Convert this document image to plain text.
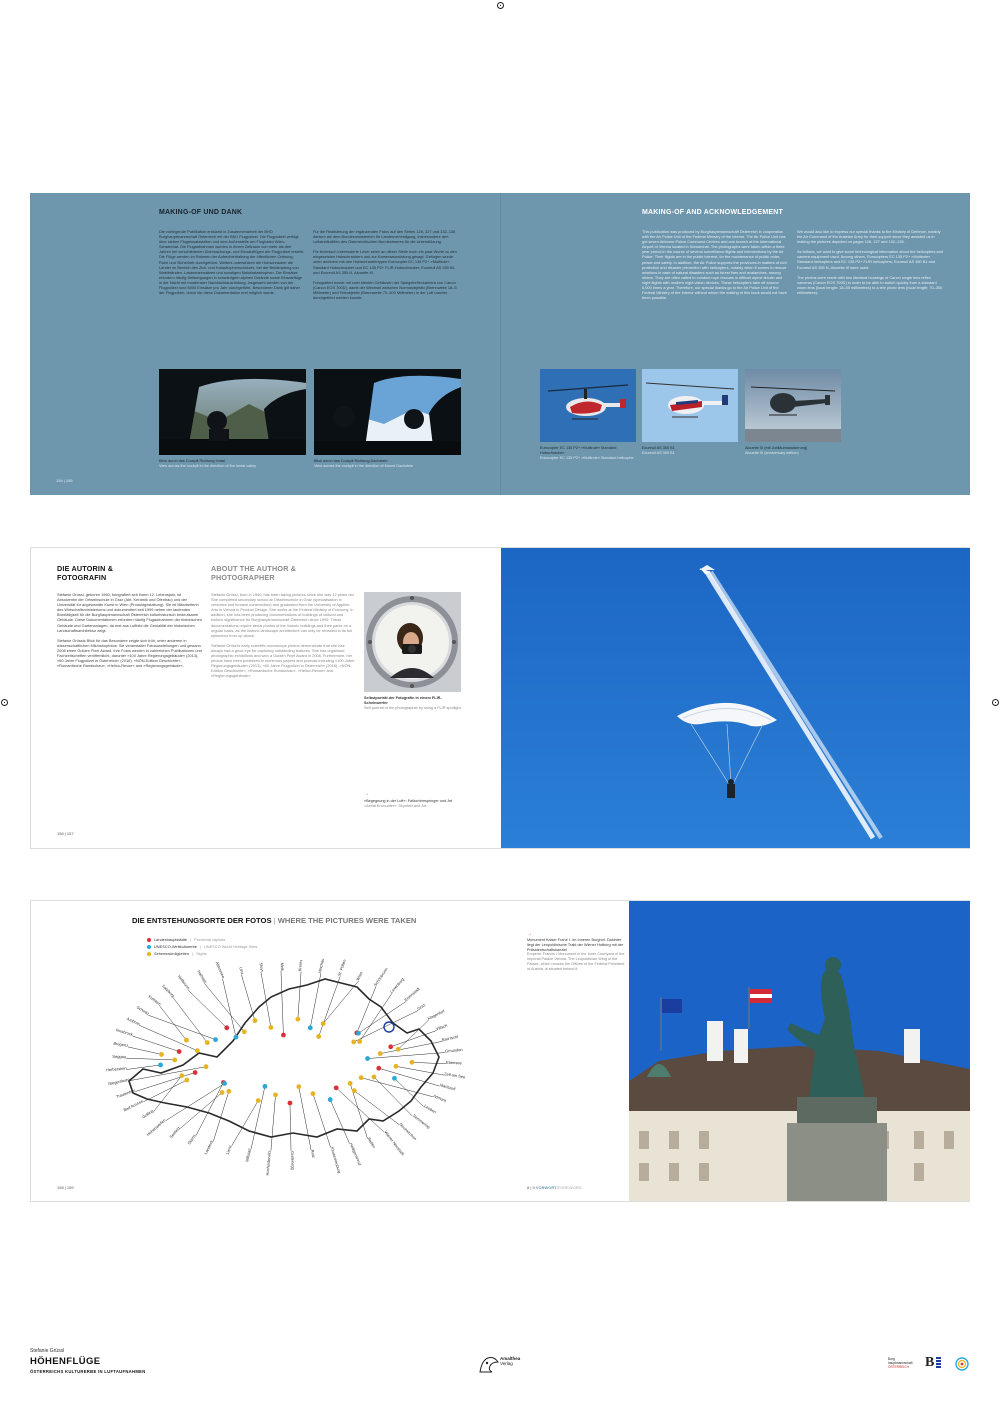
MAKING-OF UND DANK

Die vorliegende Publikation entstand in Zusammenarbeit der BHÖ Burghauptmannschaft Österreich mit der BM.I Flugpolizei. Die Flugpolizei verfügt über sieben Flugeinsatzstellen und eine Außenstelle am Flughafen Wien-Schwechat. Die Flugaufnahmen wurden in einem Zeitraum von mehr als drei Jahren bei verschiedenen Überwachungs- und Einsatzflügen der Flugpolizei erstellt. Die Flüge werden im Rahmen der Aufrechterhaltung der öffentlichen Ordnung, Ruhe und Sicherheit durchgeführt. Weiters unterstützen die Hubschrauber die Länder im Bereich des Zivil- und Katastrophenschutzes, bei der Bekämpfung von Waldbränden, Lawineneinsätzen und sonstigen Naturkatastrophen. Die Einsätze erfordern häufig Seilbergungen in schwierigem alpinen Gelände sowie Einsatzflüge in der Nacht mit modernster Nachtsichtausrüstung. Insgesamt werden von der Flugpolizei rund 5000 Einsätze pro Jahr durchgeführt. Besonderer Dank gilt daher der Flugpolizei, durch die diese Dokumentation erst möglich wurde.

Für die Realisierung der ergänzenden Fotos auf den Seiten 126, 127 und 132–135 danken wir dem Bundesministerium für Landesverteidigung, insbesondere den Luftstreitkräften des Österreichischen Bundesheeres für die Unterstützung.

Für technisch Interessierte Leser seien an dieser Stelle noch ein paar Worte zu den eingesetzten Hubschraubern und zur Kameraausrüstung gesagt. Geflogen wurde unter anderem mit den Hubschraubertypen Eurocopter EC 135 P2+ »Multirole« Standard Hubschrauber und EC 135 P2+ FLIR-Hubschrauber, Ecureuil AS 350 B1 und Ecureuil AS 355 N, Alouette III.

Fotografiert wurde mit zwei identen Gehäusen der Spiegelreflexkamera von Canon (Canon EOS 700D), damit der Wechsel zwischen Normalobjektiv (Brennweite 18–5 Millimeter) und Teleobjektiv (Brennweite 70–300 Millimeter) in der Luft rascher durchgeführt werden konnte.

MAKING-OF AND ACKNOWLEDGEMENT

This publication was produced by Burghauptmannschaft Österreich in cooperation with the Air Police Unit of the Federal Ministry of the Interior. The Air Police Unit has got seven Airborne Police Command Centres and one branch at the International Airport of Vienna located in Schwechat. The photographs were taken within a three year period in the course of several surveillance flights and interventions by the Air Police. Their flights are in the public interest, for the maintenance of public order, peace and safety. In addition, the Air Police supports the provinces in matters of civil protection and disaster prevention with helicopters, notably when it comes to rescue missions in case of natural disasters such as forest fires and avalanches, among others. They are often called to conduct rope rescues in difficult alpine terrain and night flights with modern night vision devices. These helicopters take off around 5,000 times a year. Therefore, our special thanks go to the Air Police Unit of the Federal Ministry of the Interior without whom the making of this book would not have been possible.

We would also like to express our special thanks to the Ministry of Defence, notably the Air Command of the Austrian Army for their support since they assisted us in making the pictures depicted on pages 126, 127 and 132–135.

As follows, we want to give some technological information about the helicopters and camera equipment used. Among others, Eurocopters EC 135 P2+ »Multirole« Standard helicopters and EC 135 P2+ FLIR helicopters, Ecureuil AS 350 B1 and Ecureuil AS 355 N, Alouette III were used.

The photos were made with two identical housings of Canon single lens reflex cameras (Canon EOS 700D) in order to be able to switch quickly from a standard zoom lens (focal length: 18–55 millimetres) to a tele photo lens (focal length: 70–300 millimetres).

Blick durch das Cockpit Richtung Inntal
View across the cockpit in the direction of the Inntal valley
Blick durch das Cockpit Richtung Dachstein
View across the cockpit in the direction of Mount Dachstein
Eurocopter EC 135 P2+ »Multirole« Standard Hubschrauber
Eurocopter EC 135 P2+ »Multirole« Standard helicopter
Ecureuil AS 350 B1
Ecureuil AS 350 B1
Alouette III (mit Jubiläumslackierung)
Alouette III (anniversary edition)
154 | 155
DIE AUTORIN &
FOTOGRAFIN
ABOUT THE AUTHOR &
PHOTOGRAPHER

Stefanie Grüssl, geboren 1960, fotografiert seit ihrem 12. Lebensjahr, ist Absolventin der Ortweinschule in Graz (Abt. Keramik und Ofenbau) und der Universität für angewandte Kunst in Wien (Produktgestaltung). Sie ist Mitarbeiterin des Wirtschaftsministeriums und dokumentiert seit 1999 neben der laufenden Bürotätigkeit für die Burghauptmannschaft Österreich kulturhistorisch bedeutsame Gebäude. Diese Dokumentationen erfordern häufig Flugaufnahmen der historischen Gebäude und Gartenanlagen, da erst aus Luftbild die Genialität der historischen Landschaftsarchitektur zeigt.

Stefanie Grüssls Blick für das Besondere zeigte sich früh, unter anderem in wissenschaftlichen Mikroskopfotos. Sie veranstaltet Fotoausstellungen und gewann 2008 einen Golden Pixel Award. Ihre Fotos werden in zahlreichen Publikationen und Fachzeitschriften veröffentlicht, darunter »100 Jahre Regierungsgebäude« (2013), »60 Jahre Flugpolizei in Österreich« (2016), »NÖN-Edition Geschichte«, »Romantische Randschau«, »Helico-Revue« and »Regierungsgebäude«.

Stefanie Grüssl, born in 1960, has been taking pictures since she was 12 years old. She completed secondary school at Ortweinschule in Graz (specialisation in ceramics and furnace construction) and graduated from the University of Applied Arts in Vienna in Product Design. She works at the Federal Ministry of Economy. In addition, she has been producing documentations of buildings of cultural and historic significance for Burghauptmannschaft Österreich since 1999. These documentations require aerial photos of the historic buildings and their parks on a regular basis, as the historic landscape architecture can only be revealed in its full splendour from up above.

Stefanie Grüssl's early scientific microscope photos demonstrate that she has always had a good eye for capturing outstanding features. She has organised photographic exhibitions and won a Golden Pixel Award in 2008. Furthermore, her photos have been published in numerous papers and journals including »100 Jahre Regierungsgebäude« (2013), »60 Jahre Flugpolizei in Österreich« (2016), »NÖN-Edition Geschichte«, »Romantische Rundschau«, »Helico-Revue« and »Regierungsgebäude«.

Selbstporträt der Fotografin in einem FLIR-Scheinwerfer
Self-portrait of the photographer by using a FLIR spotlight
→
»Begegnung in der Luft«: Fallschirmspringer und Jet
»Aerial Encounter«: Skydiver and Jet
156 | 157
DIE ENTSTEHUNGSORTE DER FOTOS | WHERE THE PICTURES WERE TAKEN
Landeshauptstädte | Provincial capitals
UNESCO-Weltkulturerbe | UNESCO World Heritage Sites
Sehenswürdigkeiten | Sights
Bregenz
Innsbruck
Ambras
Schwaz
Kufstein
Salzburg
Hellbrunn Hallstatt Altaussee	Linz	Steyr	Melk	Krems	Wachau	St. Pölten Wien Schönbrunn Laxenburg
Eisenstadt
Graz
Klagenfurt
Villach
Bad Ischl
Gmunden
Ebensee
Zell am See
Mariazell
Admont
Leoben
Semmering
Neunkirchen
Wiener Neustadt
Baden
Heiligenkreuz
Klosterneuburg
Retz
Grafenegg
Hochosterwitz
Millstatt
Lienz
Landeck
Stams
Seefeld
Hohenwerfen
Golling
Bad Aussee
Trautenfels
Riegersburg
Herberstein
Seggau
158 | 159	8 | 9 VORWORT|FOREWORD
→
Monument Kaiser Franz' I. im Inneren Burghof. Dahinter liegt der Leopoldinische Trakt der Wiener Hofburg mit der Präsidentschaftskanzlei
Emperor Francis I Monument in the Inner Courtyard of the Imperial Palace Vienna. The Leopoldinian Wing of the Palace, which houses the Offices of the Federal President of Austria, is situated behind it.
Stefanie Grüssl
HÖHENFLÜGE
ÖSTERREICHS KULTURERBE IN LUFTAUFNAHMEN
Amalthea
Verlag
Burg
hauptmannschaft
ÖSTERREICH B
